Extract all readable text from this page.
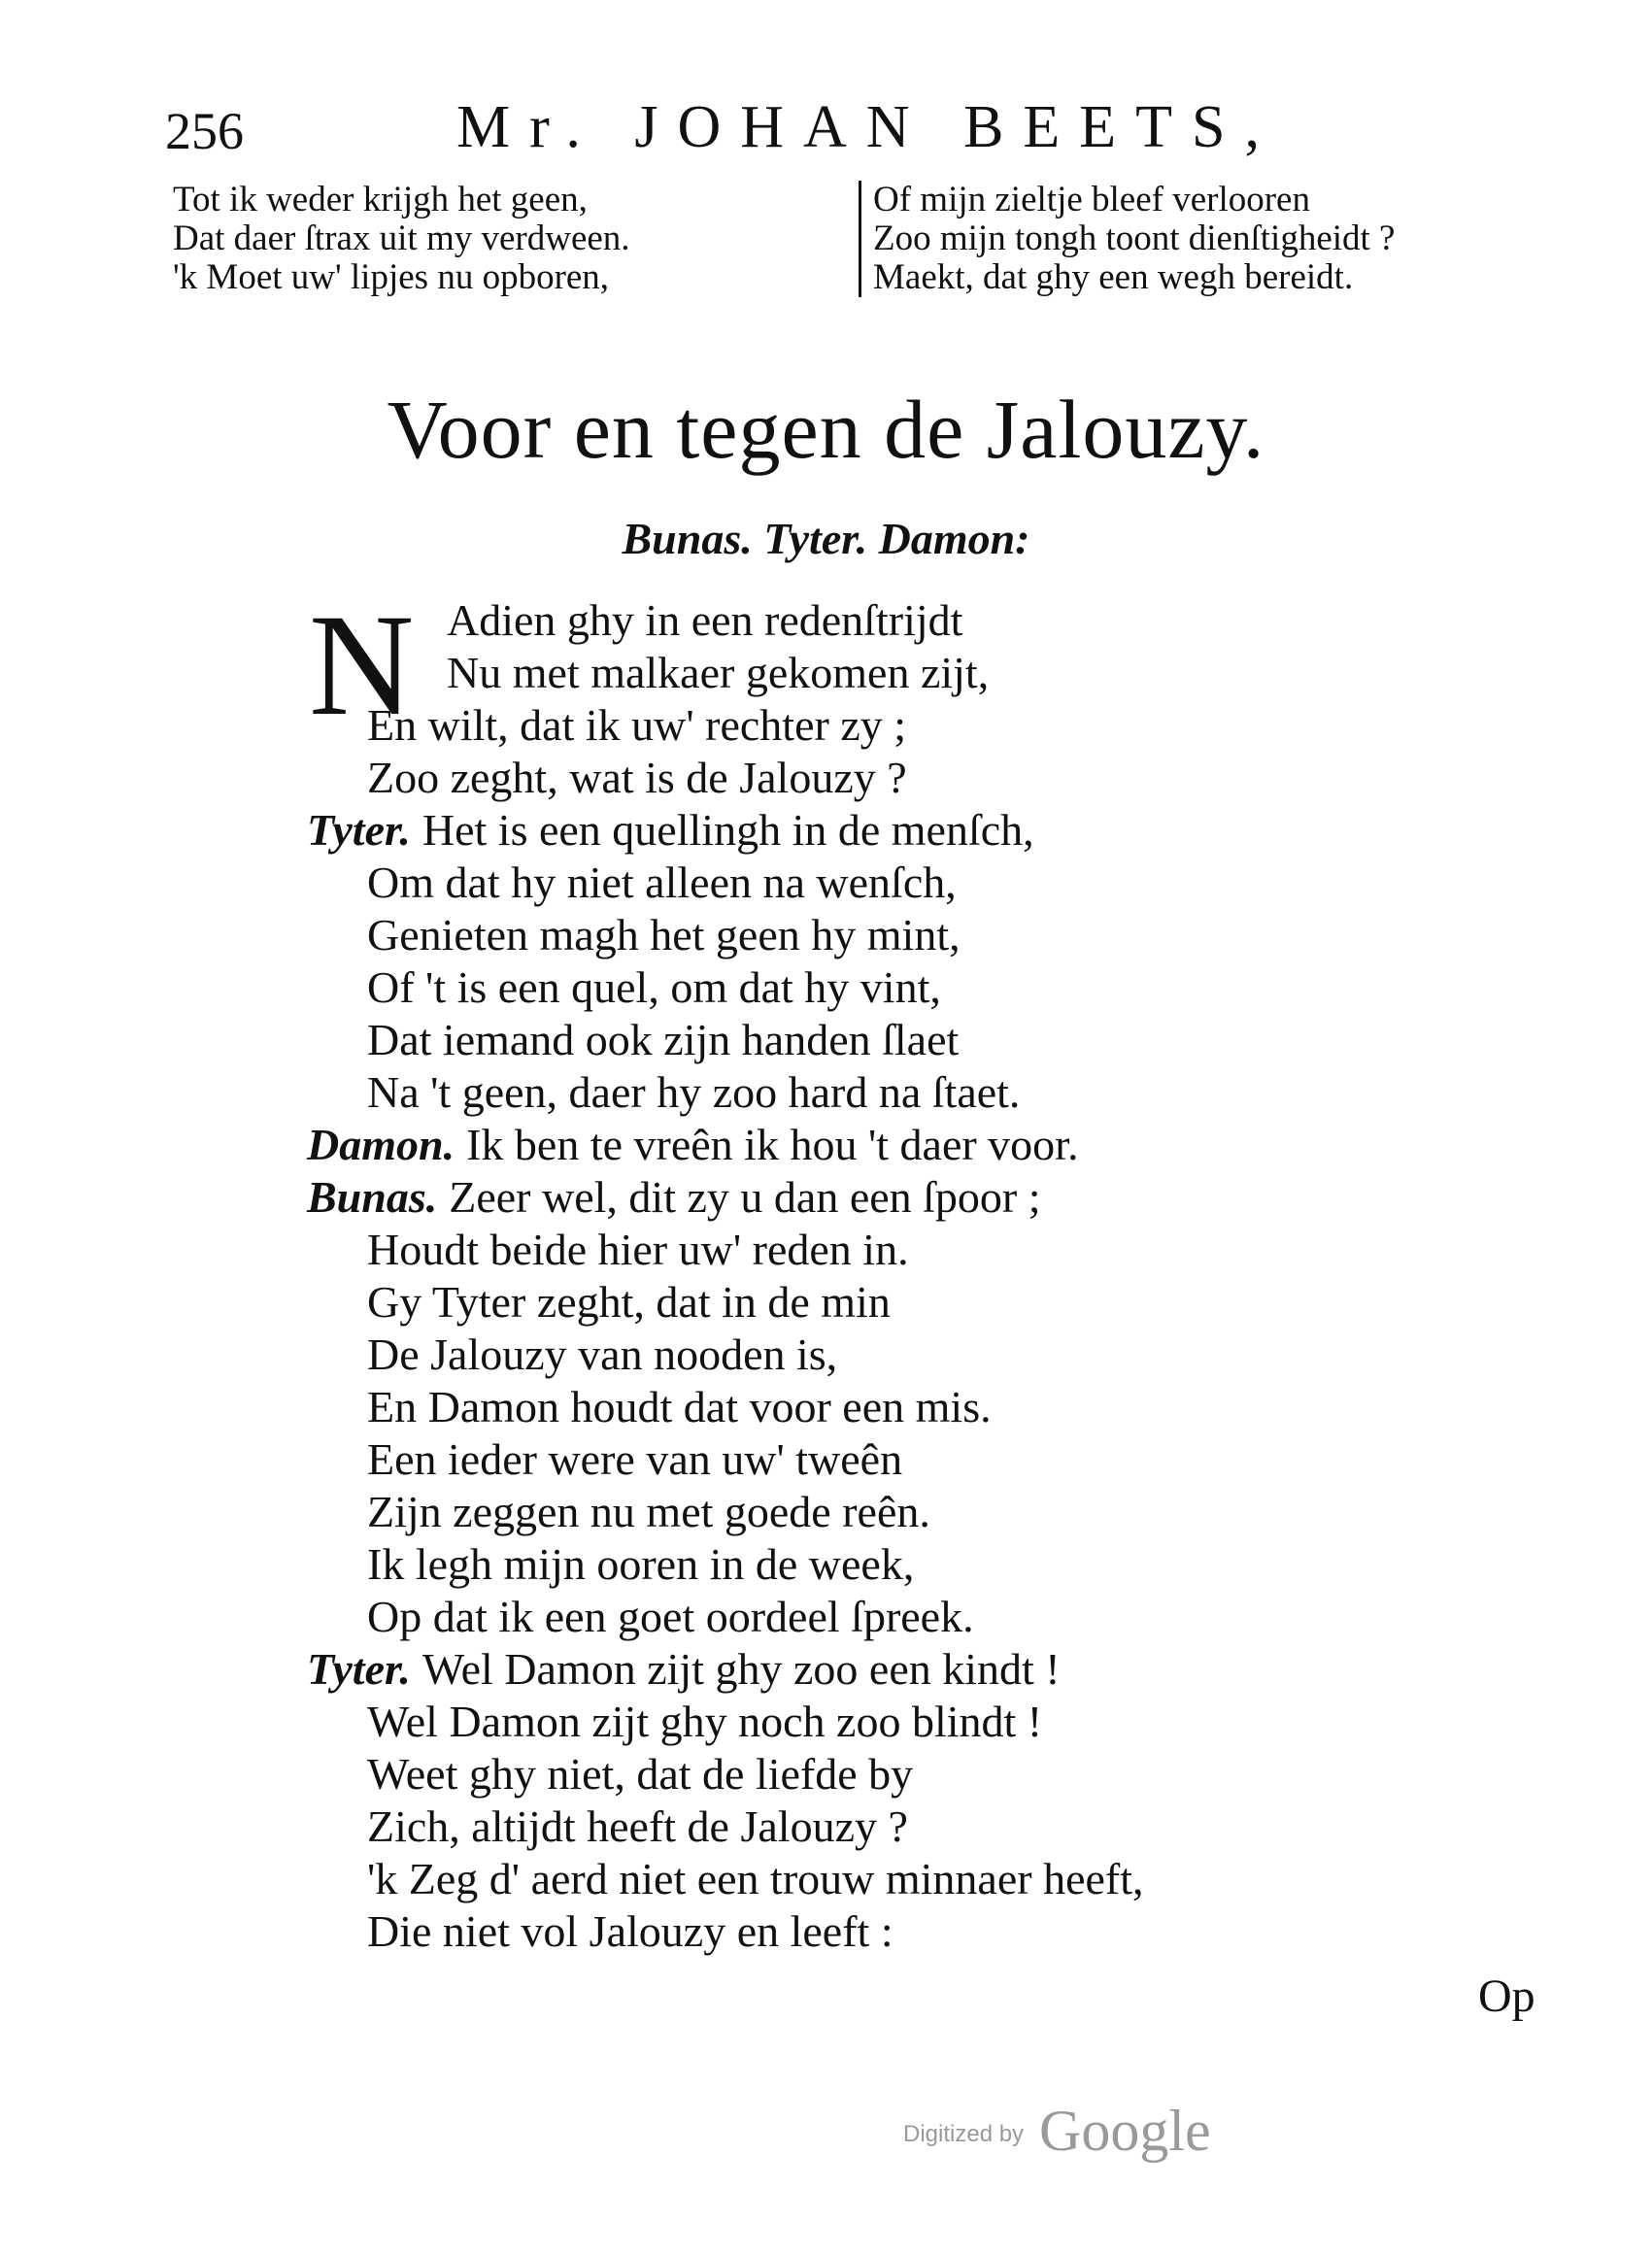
256	Mr. JOHAN BEETS,
Tot ik weder krijgh het geen,
Dat daer ſtrax uit my verdween.
'k Moet uw' lipjes nu opboren,
Of mijn zieltje bleef verlooren
Zoo mijn tongh toont dienſtigheidt ?
Maekt, dat ghy een wegh bereidt.
Voor en tegen de Jalouzy.
Bunas. Tyter. Damon:
N Adien ghy in een redenſtrijdt
Nu met malkaer gekomen zijt,
En wilt, dat ik uw' rechter zy ;
Zoo zeght, wat is de Jalouzy ?
Tyter. Het is een quellingh in de menſch,
Om dat hy niet alleen na wenſch,
Genieten magh het geen hy mint,
Of 't is een quel, om dat hy vint,
Dat iemand ook zijn handen ſlaet
Na 't geen, daer hy zoo hard na ſtaet.
Damon. Ik ben te vreên ik hou 't daer voor.
Bunas. Zeer wel, dit zy u dan een ſpoor ;
Houdt beide hier uw' reden in.
Gy Tyter zeght, dat in de min
De Jalouzy van nooden is,
En Damon houdt dat voor een mis.
Een ieder were van uw' tweên
Zijn zeggen nu met goede reên.
Ik legh mijn ooren in de week,
Op dat ik een goet oordeel ſpreek.
Tyter. Wel Damon zijt ghy zoo een kindt !
Wel Damon zijt ghy noch zoo blindt !
Weet ghy niet, dat de liefde by
Zich, altijdt heeft de Jalouzy ?
'k Zeg d' aerd niet een trouw minnaer heeft,
Die niet vol Jalouzy en leeft :
Op
Digitized by Google
